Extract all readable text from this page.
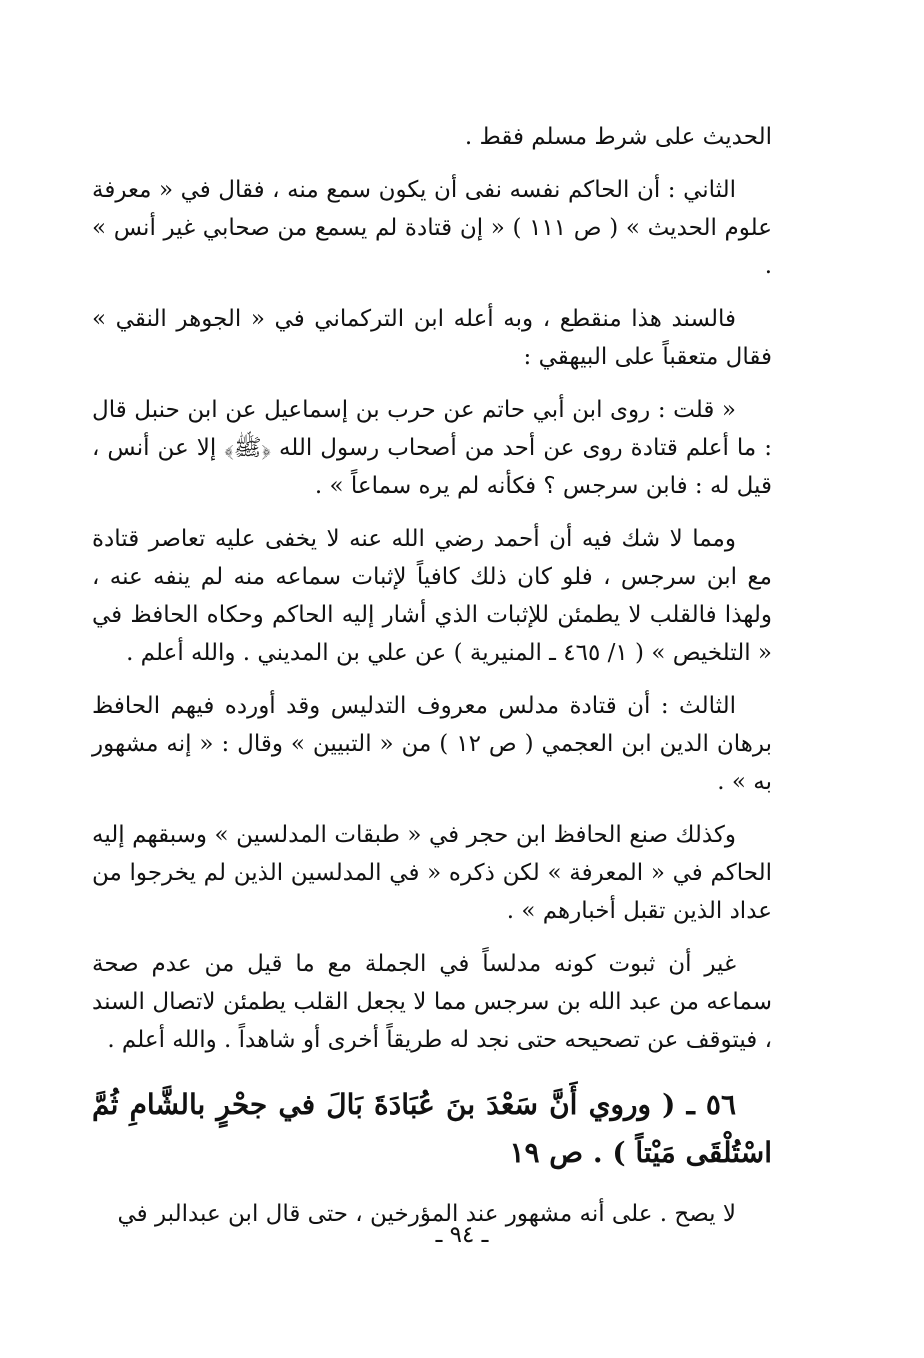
الحديث على شرط مسلم فقط .

الثاني : أن الحاكم نفسه نفى أن يكون سمع منه ، فقال في « معرفة علوم الحديث » ( ص ١١١ ) « إن قتادة لم يسمع من صحابي غير أنس » .

فالسند هذا منقطع ، وبه أعله ابن التركماني في « الجوهر النقي » فقال متعقباً على البيهقي :

« قلت : روى ابن أبي حاتم عن حرب بن إسماعيل عن ابن حنبل قال : ما أعلم قتادة روى عن أحد من أصحاب رسول الله ﴿ﷺ﴾ إلا عن أنس ، قيل له : فابن سرجس ؟ فكأنه لم يره سماعاً » .

ومما لا شك فيه أن أحمد رضي الله عنه لا يخفى عليه تعاصر قتادة مع ابن سرجس ، فلو كان ذلك كافياً لإثبات سماعه منه لم ينفه عنه ، ولهذا فالقلب لا يطمئن للإثبات الذي أشار إليه الحاكم وحكاه الحافظ في « التلخيص » ( ١/ ٤٦٥ ـ المنيرية ) عن علي بن المديني . والله أعلم .

الثالث : أن قتادة مدلس معروف التدليس وقد أورده فيهم الحافظ برهان الدين ابن العجمي ( ص ١٢ ) من « التبيين » وقال : « إنه مشهور به » .

وكذلك صنع الحافظ ابن حجر في « طبقات المدلسين » وسبقهم إليه الحاكم في « المعرفة » لكن ذكره « في المدلسين الذين لم يخرجوا من عداد الذين تقبل أخبارهم » .

غير أن ثبوت كونه مدلساً في الجملة مع ما قيل من عدم صحة سماعه من عبد الله بن سرجس مما لا يجعل القلب يطمئن لاتصال السند ، فيتوقف عن تصحيحه حتى نجد له طريقاً أخرى أو شاهداً . والله أعلم .

٥٦ ـ ( وروي أَنَّ سَعْدَ بنَ عُبَادَةَ بَالَ في جحْرٍ بالشَّامِ ثُمَّ اسْتُلْقَى مَيْتاً ) . ص ١٩

لا يصح . على أنه مشهور عند المؤرخين ، حتى قال ابن عبدالبر في

ـ ٩٤ ـ
